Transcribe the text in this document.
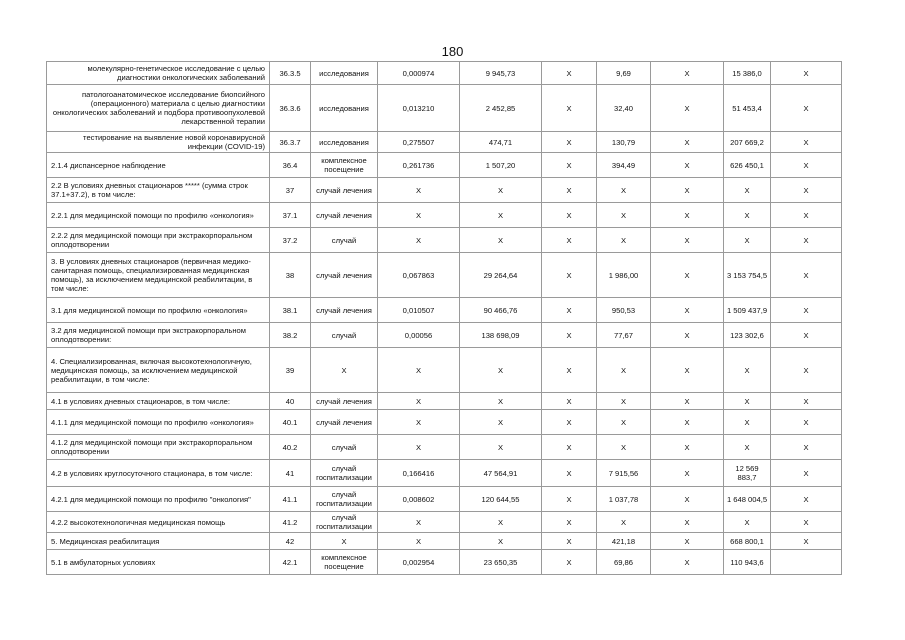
180
молекулярно-генетическое исследование с целью диагностики онкологических заболеваний	36.3.5	исследования	0,000974	9 945,73	X	9,69	X	15 386,0	X
патологоанатомическое исследование биопсийного (операционного) материала с целью диагностики онкологических заболеваний и подбора противоопухолевой лекарственной терапии	36.3.6	исследования	0,013210	2 452,85	X	32,40	X	51 453,4	X
тестирование на выявление новой коронавирусной инфекции (COVID-19)	36.3.7	исследования	0,275507	474,71	X	130,79	X	207 669,2	X
2.1.4 диспансерное наблюдение	36.4	комплексное посещение	0,261736	1 507,20	X	394,49	X	626 450,1	X
2.2 В условиях дневных стационаров ***** (сумма строк 37.1+37.2), в том числе:	37	случай лечения	X	X	X	X	X	X	X
2.2.1 для медицинской помощи по профилю «онкология»	37.1	случай лечения	X	X	X	X	X	X	X
2.2.2 для медицинской помощи при экстракорпоральном оплодотворении	37.2	случай	X	X	X	X	X	X	X
3. В условиях дневных стационаров (первичная медико-санитарная помощь, специализированная медицинская помощь), за исключением медицинской реабилитации, в том числе:	38	случай лечения	0,067863	29 264,64	X	1 986,00	X	3 153 754,5	X
3.1 для медицинской помощи по профилю «онкология»	38.1	случай лечения	0,010507	90 466,76	X	950,53	X	1 509 437,9	X
3.2 для медицинской помощи при экстракорпоральном оплодотворении:	38.2	случай	0,00056	138 698,09	X	77,67	X	123 302,6	X
4. Специализированная, включая высокотехнологичную, медицинская помощь, за исключением медицинской реабилитации, в том числе:	39	X	X	X	X	X	X	X	X
4.1 в условиях дневных стационаров, в том числе:	40	случай лечения	X	X	X	X	X	X	X
4.1.1 для медицинской помощи по профилю «онкология»	40.1	случай лечения	X	X	X	X	X	X	X
4.1.2 для медицинской помощи при экстракорпоральном оплодотворении	40.2	случай	X	X	X	X	X	X	X
4.2 в условиях круглосуточного стационара, в том числе:	41	случай госпитализации	0,166416	47 564,91	X	7 915,56	X	12 569 883,7	X
4.2.1 для медицинской помощи по профилю "онкология"	41.1	случай госпитализации	0,008602	120 644,55	X	1 037,78	X	1 648 004,5	X
4.2.2 высокотехнологичная медицинская помощь	41.2	случай госпитализации	X	X	X	X	X	X	X
5. Медицинская реабилитация	42	X	X	X	X	421,18	X	668 800,1	X
5.1 в амбулаторных условиях	42.1	комплексное посещение	0,002954	23 650,35	X	69,86	X	110 943,6	
